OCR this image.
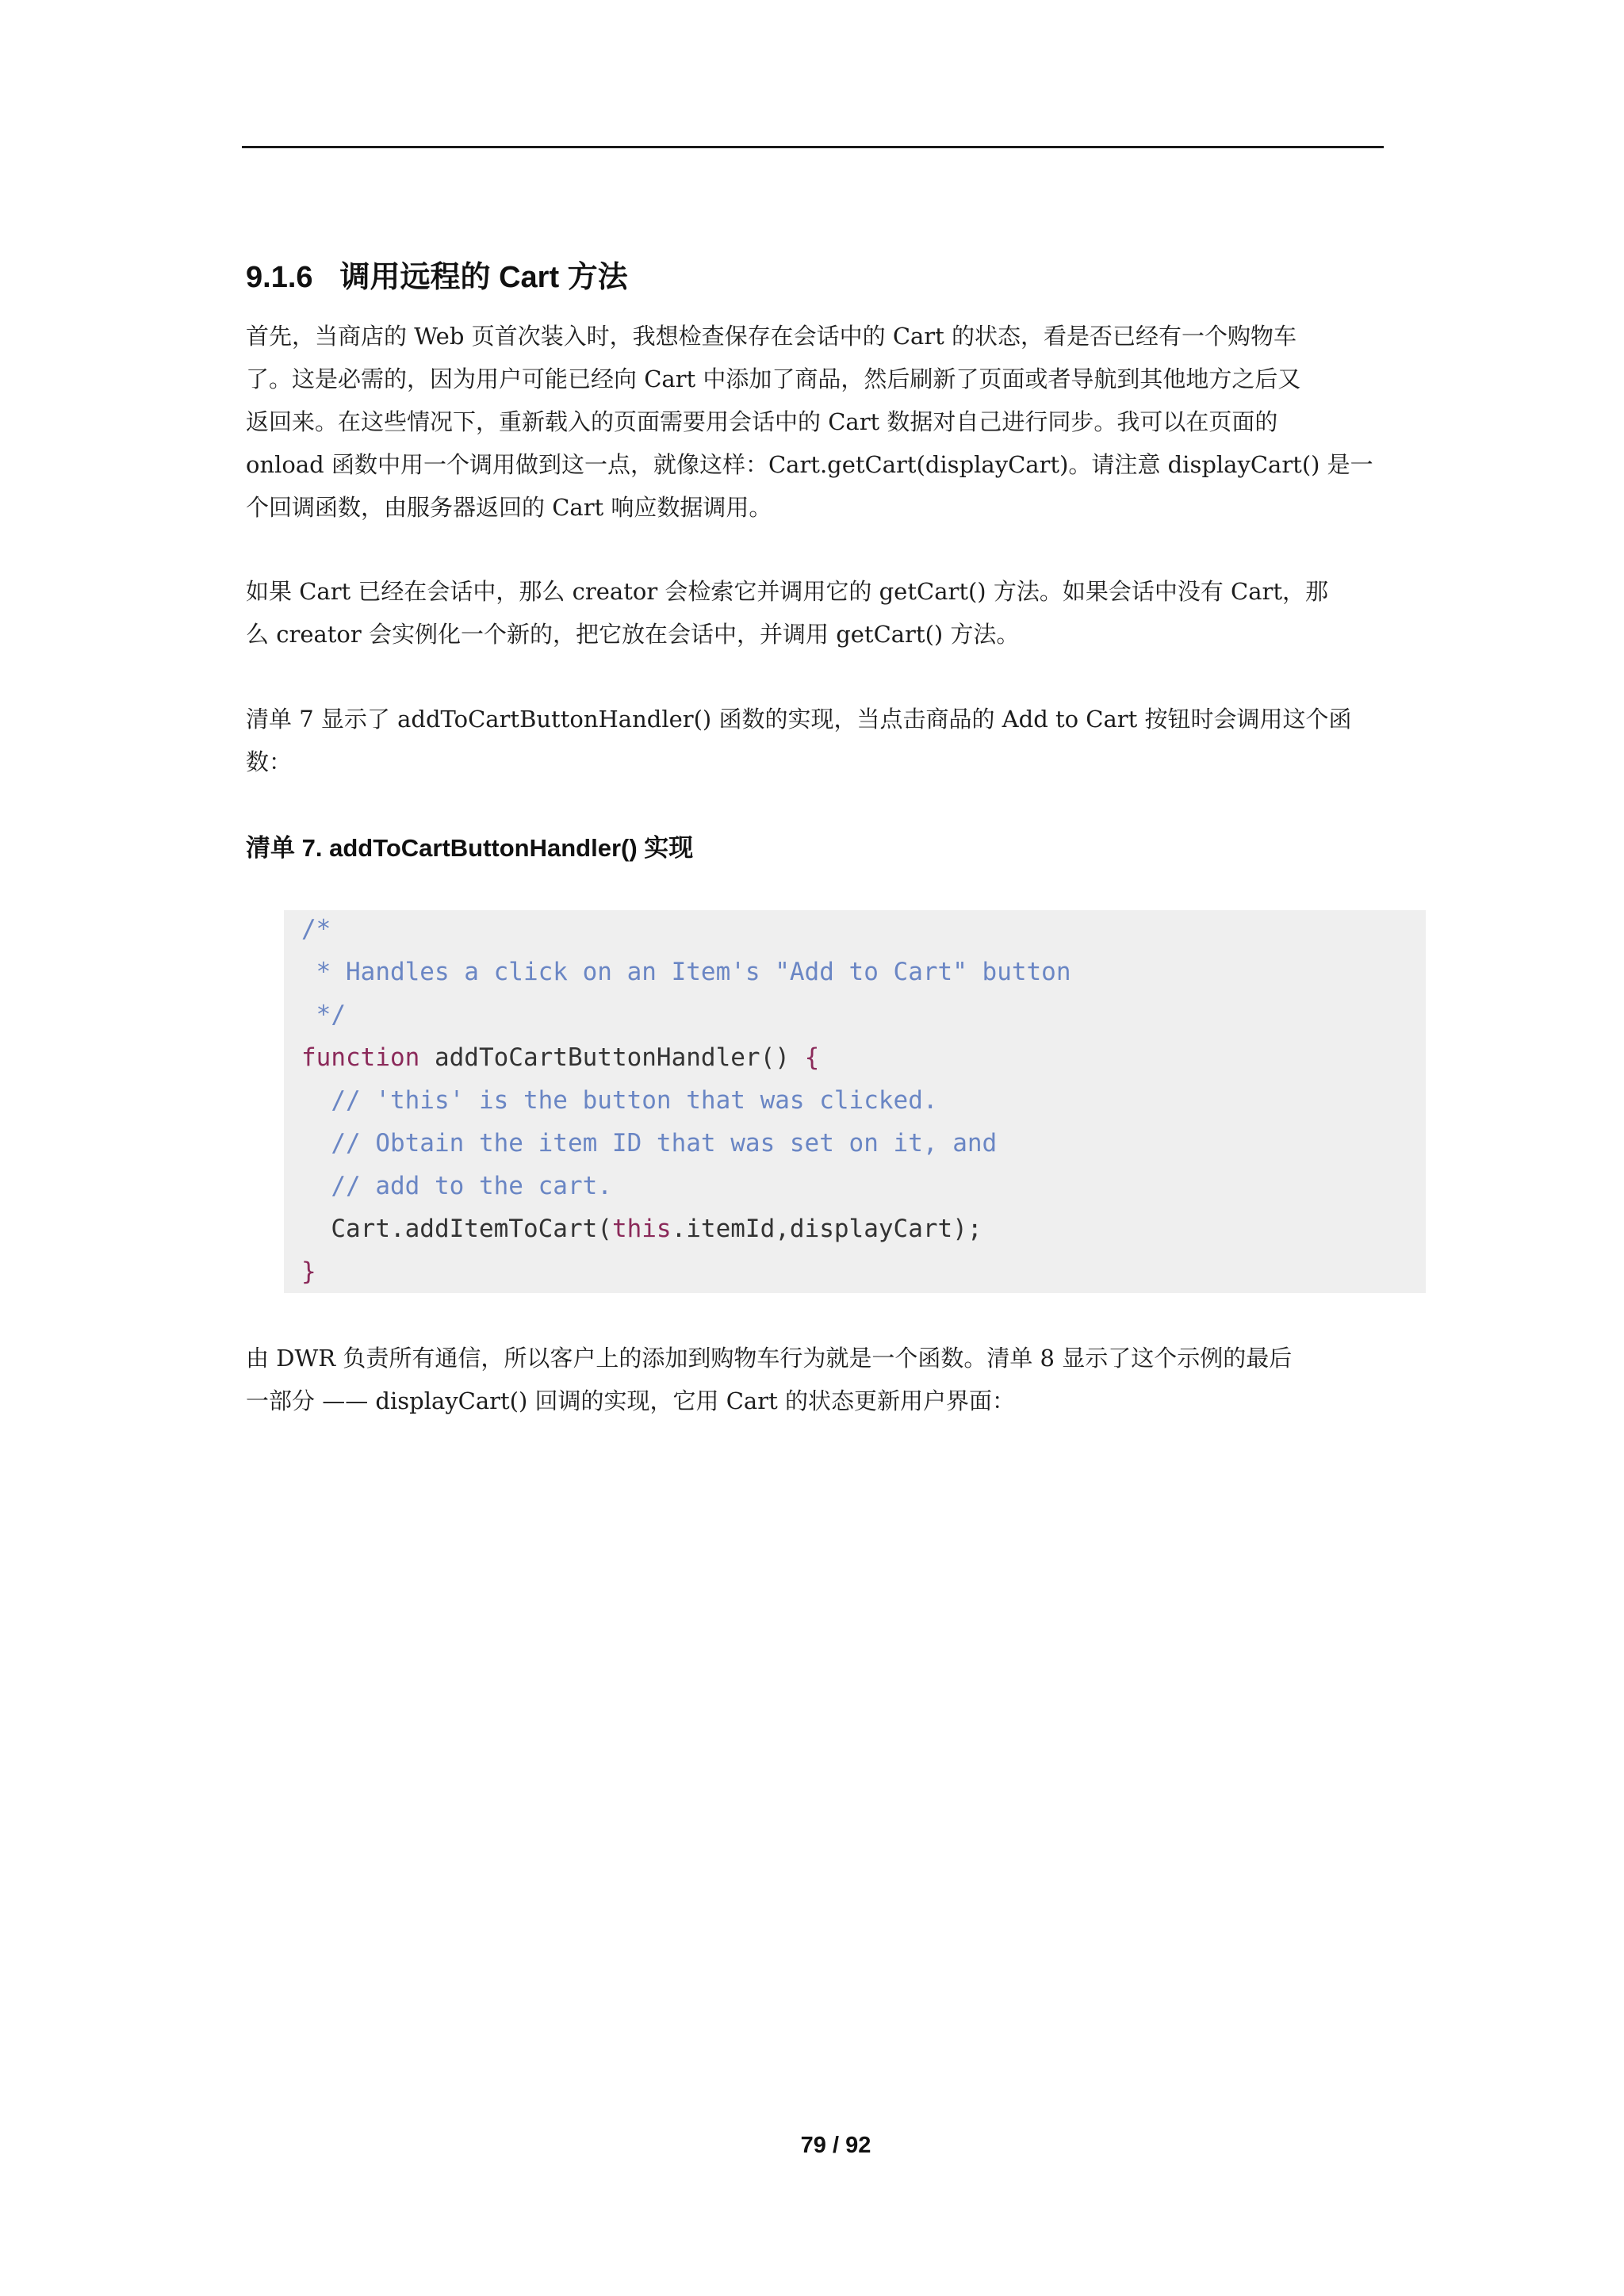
9.1.6 调用远程的 Cart 方法

首先，当商店的 Web 页首次装入时，我想检查保存在会话中的 Cart 的状态，看是否已经有一个购物车
了。这是必需的，因为用户可能已经向 Cart 中添加了商品，然后刷新了页面或者导航到其他地方之后又
返回来。在这些情况下，重新载入的页面需要用会话中的 Cart 数据对自己进行同步。我可以在页面的
onload 函数中用一个调用做到这一点，就像这样：Cart.getCart(displayCart)。请注意 displayCart() 是一
个回调函数，由服务器返回的 Cart 响应数据调用。

如果 Cart 已经在会话中，那么 creator 会检索它并调用它的 getCart() 方法。如果会话中没有 Cart，那
么 creator 会实例化一个新的，把它放在会话中，并调用 getCart() 方法。

清单 7 显示了 addToCartButtonHandler() 函数的实现，当点击商品的 Add to Cart 按钮时会调用这个函
数：

清单 7. addToCartButtonHandler() 实现
/*
* Handles a click on an Item's "Add to Cart" button
*/
function addToCartButtonHandler() {
// 'this' is the button that was clicked.
// Obtain the item ID that was set on it, and
// add to the cart.
Cart.addItemToCart(this.itemId,displayCart);
}

由 DWR 负责所有通信，所以客户上的添加到购物车行为就是一个函数。清单 8 显示了这个示例的最后
一部分 —— displayCart() 回调的实现，它用 Cart 的状态更新用户界面：

79 / 92
